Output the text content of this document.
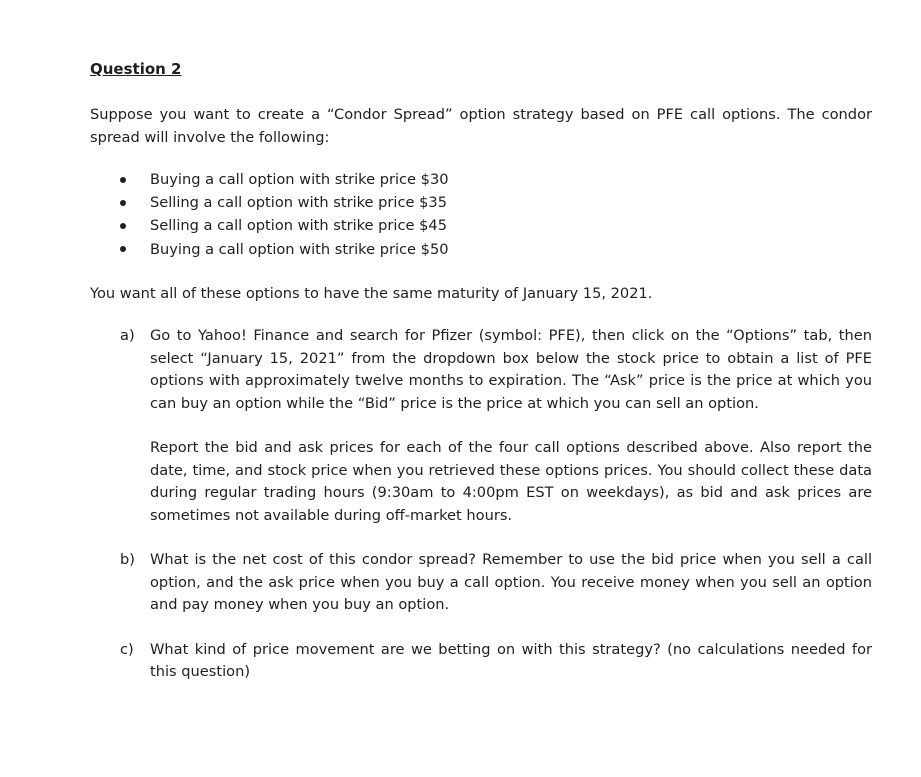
Question 2

Suppose you want to create a “Condor Spread” option strategy based on PFE call options. The condor spread will involve the following:

Buying a call option with strike price $30
Selling a call option with strike price $35
Selling a call option with strike price $45
Buying a call option with strike price $50

You want all of these options to have the same maturity of January 15, 2021.

a) Go to Yahoo! Finance and search for Pfizer (symbol: PFE), then click on the “Options” tab, then select “January 15, 2021” from the dropdown box below the stock price to obtain a list of PFE options with approximately twelve months to expiration. The “Ask” price is the price at which you can buy an option while the “Bid” price is the price at which you can sell an option.

Report the bid and ask prices for each of the four call options described above. Also report the date, time, and stock price when you retrieved these options prices. You should collect these data during regular trading hours (9:30am to 4:00pm EST on weekdays), as bid and ask prices are sometimes not available during off-market hours.

b) What is the net cost of this condor spread? Remember to use the bid price when you sell a call option, and the ask price when you buy a call option. You receive money when you sell an option and pay money when you buy an option.

c) What kind of price movement are we betting on with this strategy? (no calculations needed for this question)
